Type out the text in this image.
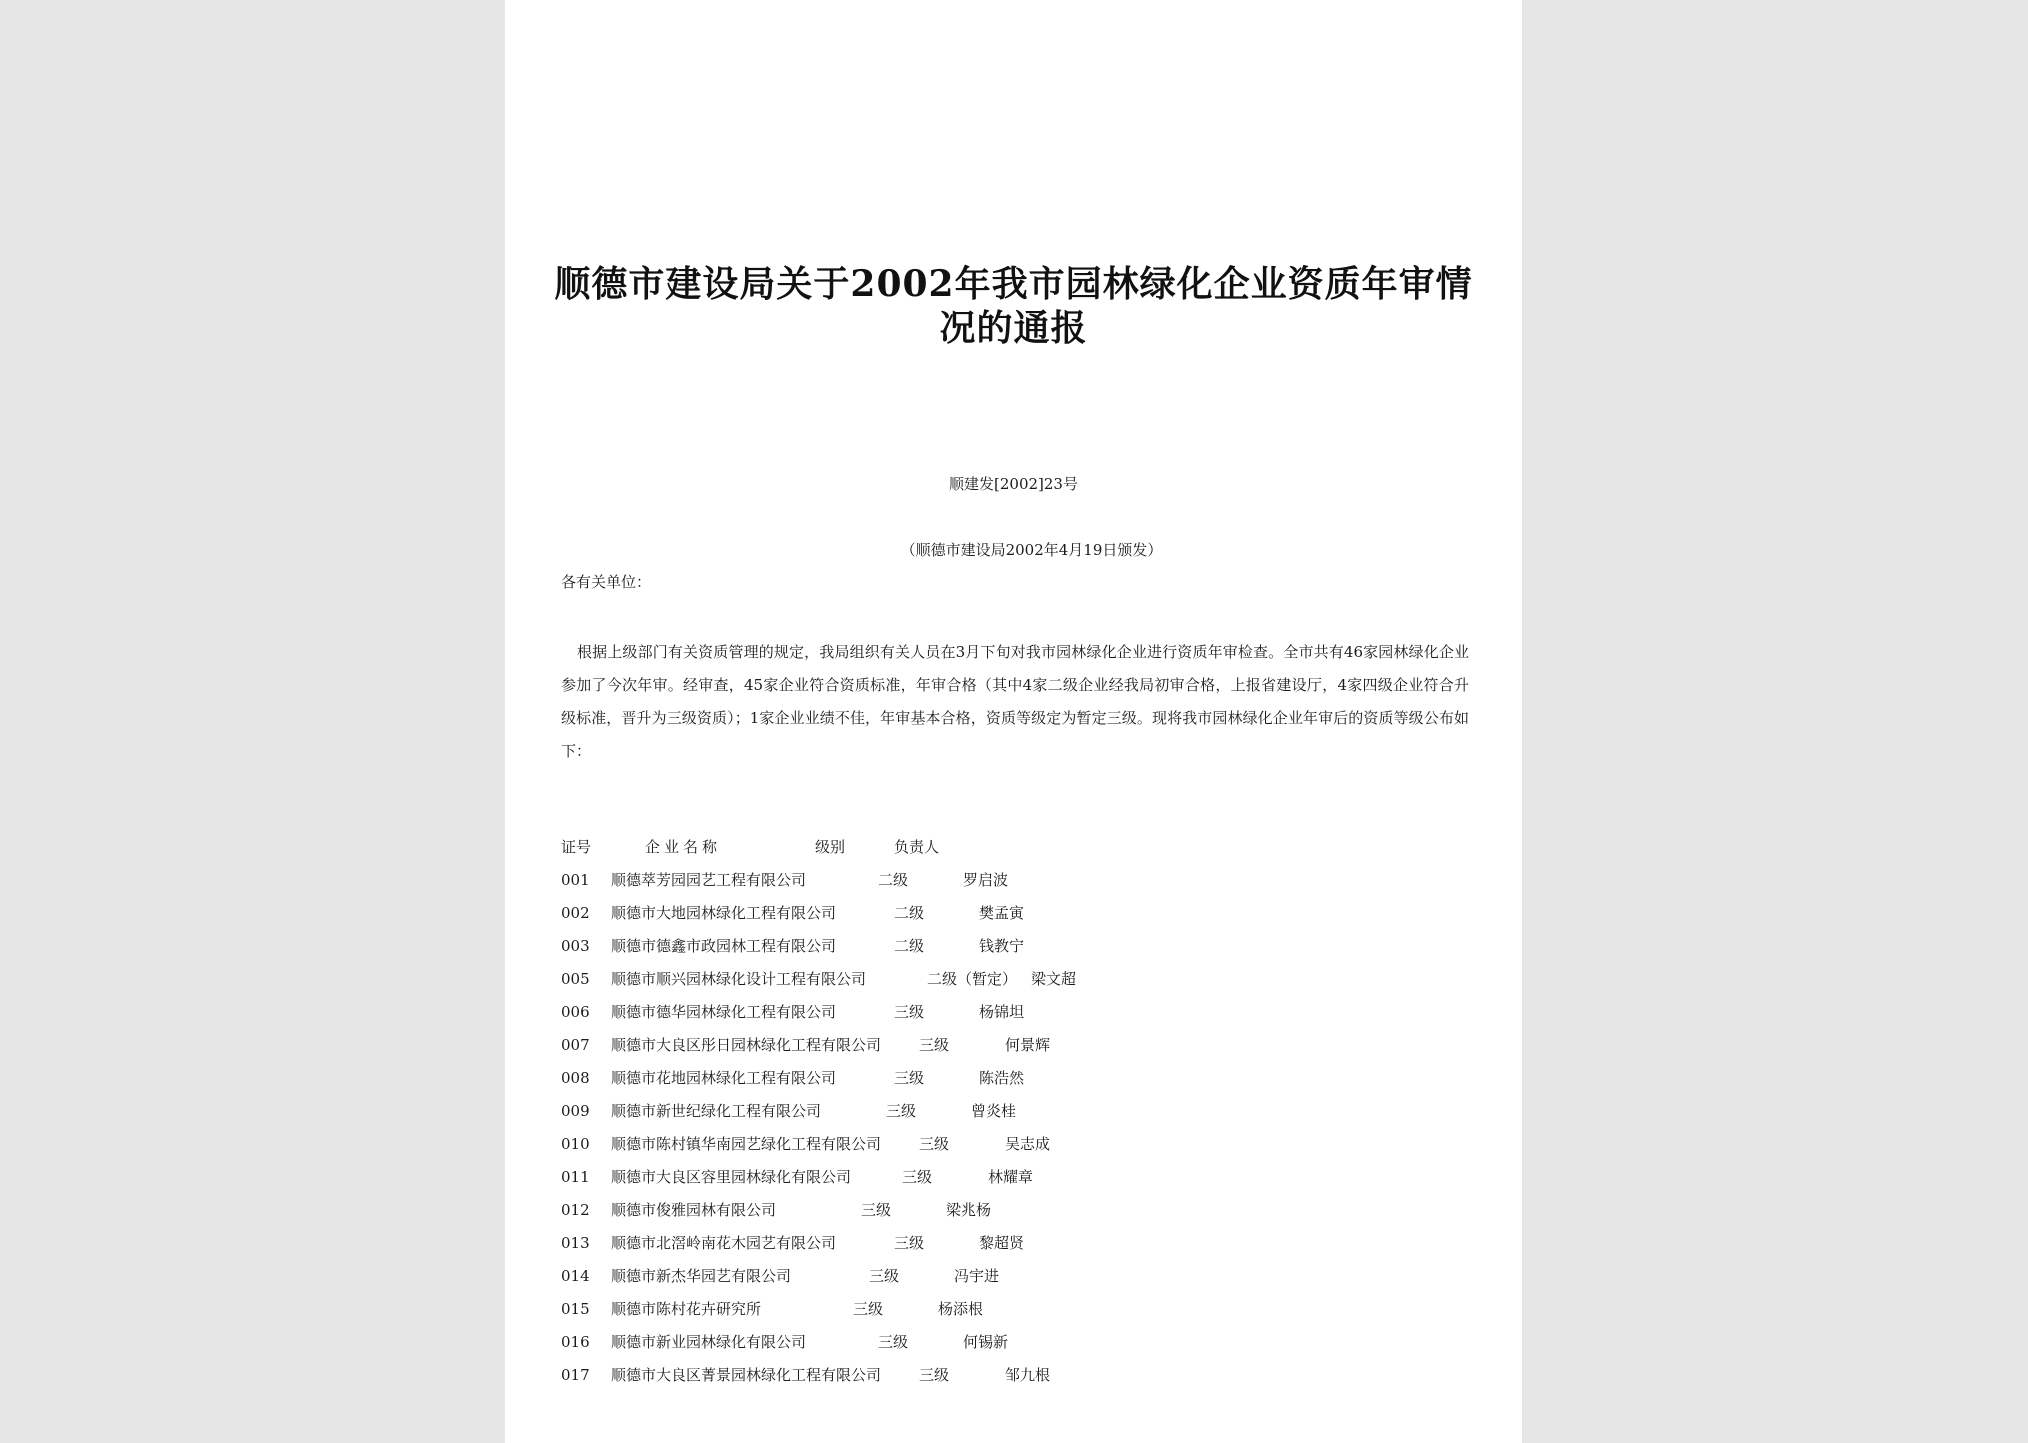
顺德市建设局关于2002年我市园林绿化企业资质年审情
况的通报
顺建发[2002]23号
（顺德市建设局2002年4月19日颁发）
各有关单位：

根据上级部门有关资质管理的规定，我局组织有关人员在3月下旬对我市园林绿化企业进行资质年审检查。全市共有46家园林绿化企业参加了今次年审。经审查，45家企业符合资质标准，年审合格（其中4家二级企业经我局初审合格，上报省建设厅，4家四级企业符合升级标准，晋升为三级资质）；1家企业业绩不佳，年审基本合格，资质等级定为暂定三级。现将我市园林绿化企业年审后的资质等级公布如下：

证号	企业名称	级别	负责人
001 顺德萃芳园园艺工程有限公司	二级	罗启波
002 顺德市大地园林绿化工程有限公司	二级	樊孟寅
003 顺德市德鑫市政园林工程有限公司	二级	钱教宁
005 顺德市顺兴园林绿化设计工程有限公司	二级（暂定） 梁文超
006 顺德市德华园林绿化工程有限公司	三级	杨锦坦
007 顺德市大良区彤日园林绿化工程有限公司	三级	何景辉
008 顺德市花地园林绿化工程有限公司	三级	陈浩然
009 顺德市新世纪绿化工程有限公司	三级	曾炎桂
010 顺德市陈村镇华南园艺绿化工程有限公司	三级	吴志成
011 顺德市大良区容里园林绿化有限公司	三级	林耀章
012 顺德市俊雅园林有限公司	三级	梁兆杨
013 顺德市北滘岭南花木园艺有限公司	三级	黎超贤
014 顺德市新杰华园艺有限公司	三级	冯宇进
015 顺德市陈村花卉研究所	三级	杨添根
016 顺德市新业园林绿化有限公司	三级	何锡新
017 顺德市大良区菁景园林绿化工程有限公司	三级	邹九根
